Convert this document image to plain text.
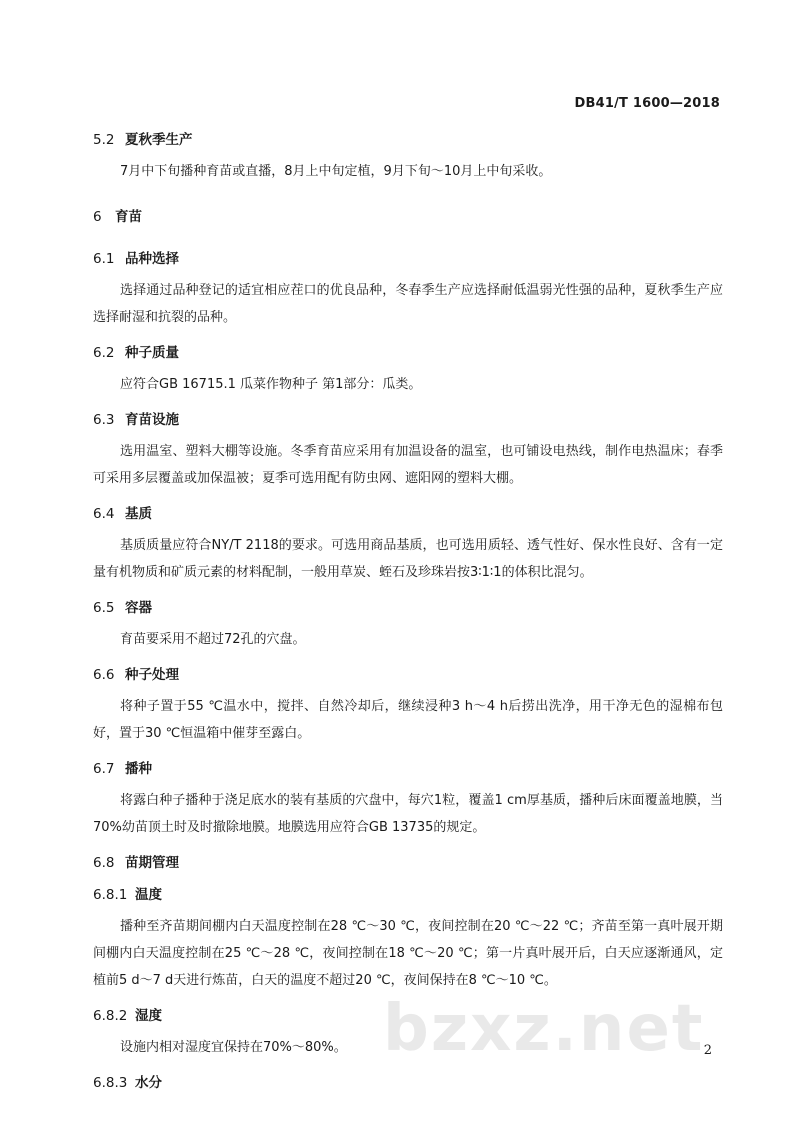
DB41/T 1600—2018
5.2 夏秋季生产

7月中下旬播种育苗或直播，8月上中旬定植，9月下旬～10月上中旬采收。

6 育苗
6.1 品种选择

选择通过品种登记的适宜相应茬口的优良品种，冬春季生产应选择耐低温弱光性强的品种，夏秋季生产应选择耐湿和抗裂的品种。

6.2 种子质量

应符合GB 16715.1 瓜菜作物种子 第1部分：瓜类。

6.3 育苗设施

选用温室、塑料大棚等设施。冬季育苗应采用有加温设备的温室，也可铺设电热线，制作电热温床；春季可采用多层覆盖或加保温被；夏季可选用配有防虫网、遮阳网的塑料大棚。

6.4 基质

基质质量应符合NY/T 2118的要求。可选用商品基质，也可选用质轻、透气性好、保水性良好、含有一定量有机物质和矿质元素的材料配制，一般用草炭、蛭石及珍珠岩按3∶1∶1的体积比混匀。

6.5 容器

育苗要采用不超过72孔的穴盘。

6.6 种子处理

将种子置于55 ℃温水中，搅拌、自然冷却后，继续浸种3 h～4 h后捞出洗净，用干净无色的湿棉布包好，置于30 ℃恒温箱中催芽至露白。

6.7 播种

将露白种子播种于浇足底水的装有基质的穴盘中，每穴1粒，覆盖1 cm厚基质，播种后床面覆盖地膜，当70%幼苗顶土时及时撤除地膜。地膜选用应符合GB 13735的规定。

6.8 苗期管理
6.8.1 温度

播种至齐苗期间棚内白天温度控制在28 ℃～30 ℃，夜间控制在20 ℃～22 ℃；齐苗至第一真叶展开期间棚内白天温度控制在25 ℃～28 ℃，夜间控制在18 ℃～20 ℃；第一片真叶展开后，白天应逐渐通风，定植前5 d～7 d天进行炼苗，白天的温度不超过20 ℃，夜间保持在8 ℃～10 ℃。

6.8.2 湿度

设施内相对湿度宜保持在70%～80%。

6.8.3 水分
bzxz.net 2
